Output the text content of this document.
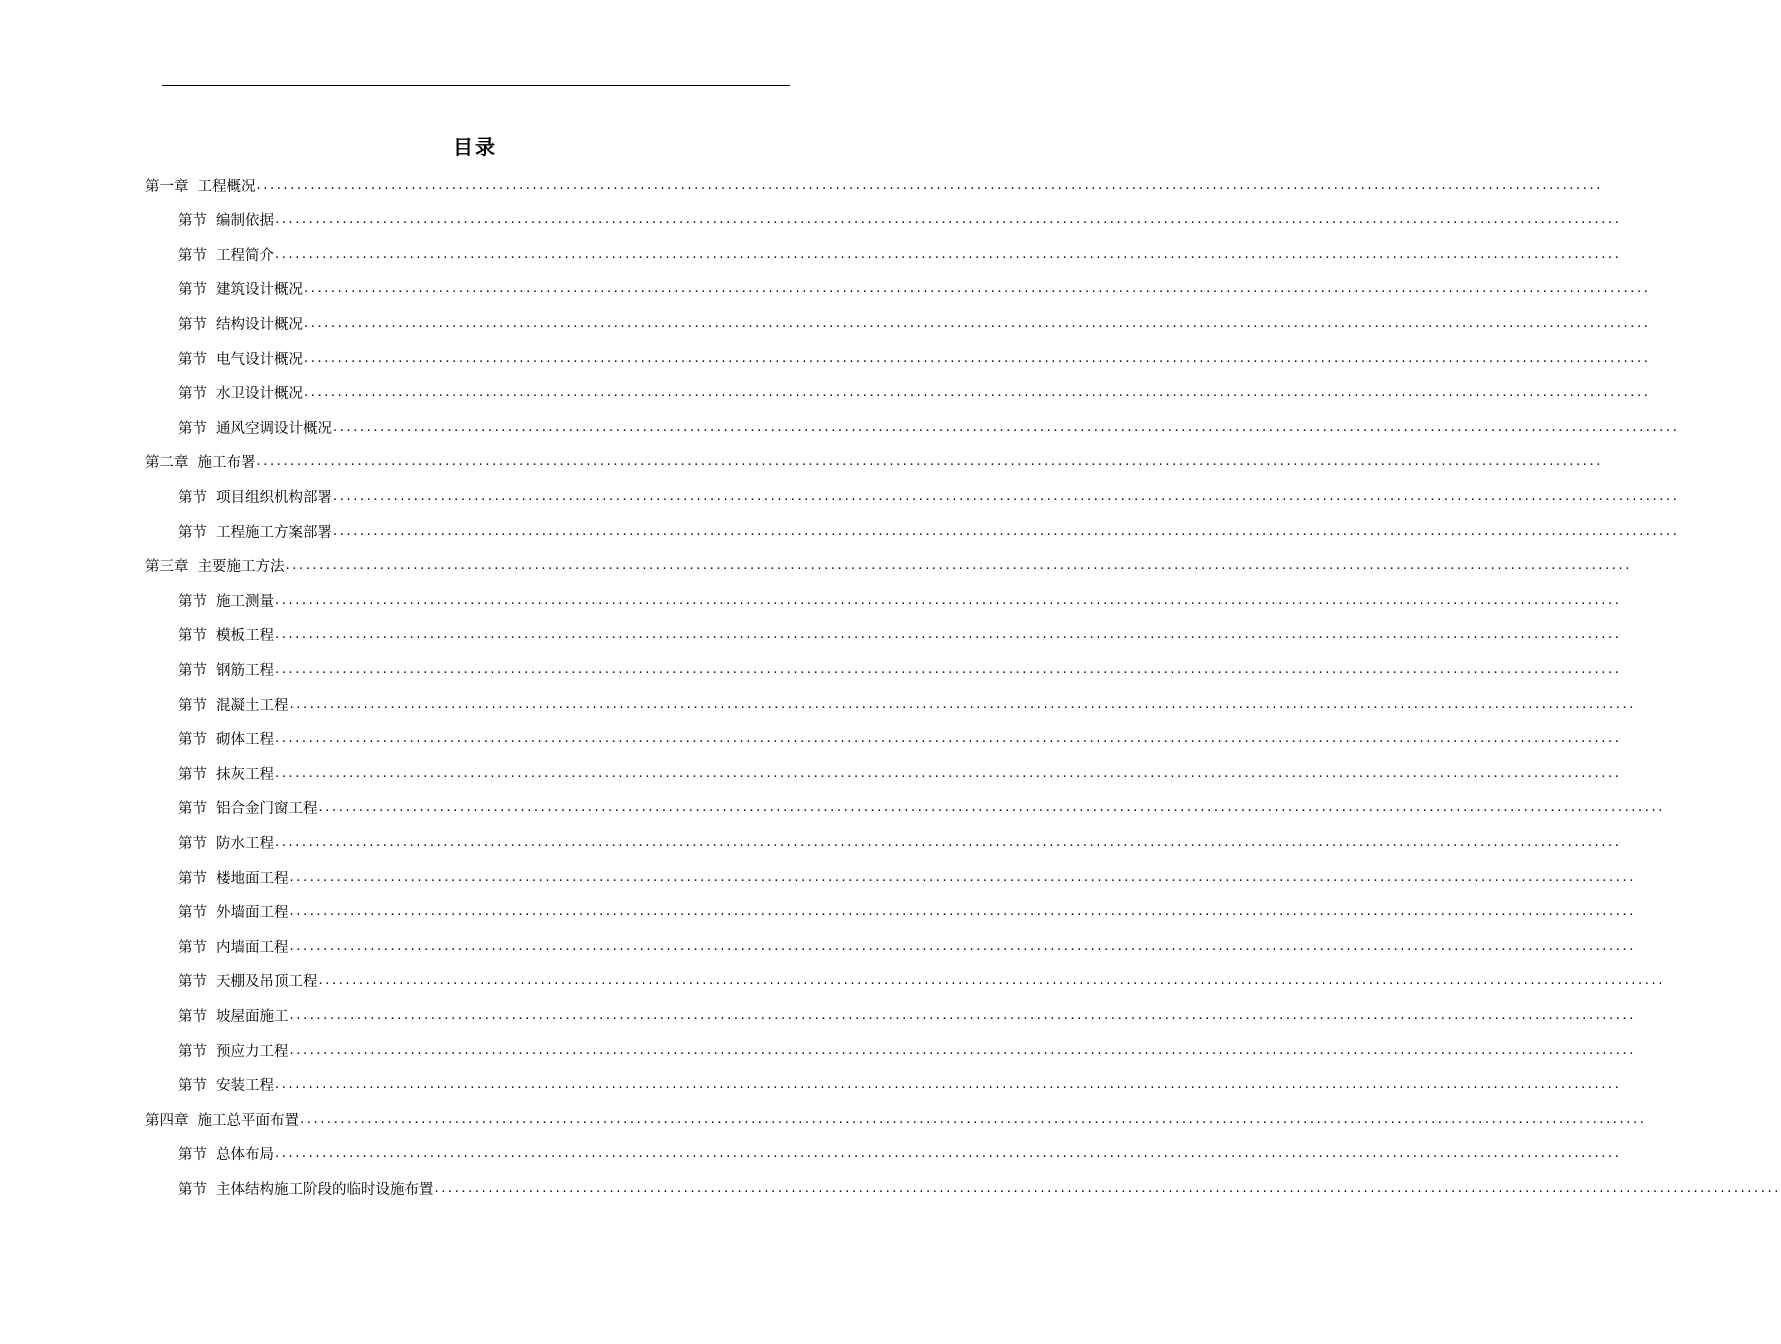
目录
第一章 工程概况 ........................................................................................................................................................................................................
第节 编制依据 ........................................................................................................................................................................................................
第节 工程简介 ........................................................................................................................................................................................................
第节 建筑设计概况 ........................................................................................................................................................................................................
第节 结构设计概况 ........................................................................................................................................................................................................
第节 电气设计概况 ........................................................................................................................................................................................................
第节 水卫设计概况 ........................................................................................................................................................................................................
第节 通风空调设计概况 ........................................................................................................................................................................................................
第二章 施工布署 ........................................................................................................................................................................................................
第节 项目组织机构部署 ........................................................................................................................................................................................................
第节 工程施工方案部署 ........................................................................................................................................................................................................
第三章 主要施工方法 ........................................................................................................................................................................................................
第节 施工测量 ........................................................................................................................................................................................................
第节 模板工程 ........................................................................................................................................................................................................
第节 钢筋工程 ........................................................................................................................................................................................................
第节 混凝土工程 ........................................................................................................................................................................................................
第节 砌体工程 ........................................................................................................................................................................................................
第节 抹灰工程 ........................................................................................................................................................................................................
第节 铝合金门窗工程 ........................................................................................................................................................................................................
第节 防水工程 ........................................................................................................................................................................................................
第节 楼地面工程 ........................................................................................................................................................................................................
第节 外墙面工程 ........................................................................................................................................................................................................
第节 内墙面工程 ........................................................................................................................................................................................................
第节 天棚及吊顶工程 ........................................................................................................................................................................................................
第节 坡屋面施工 ........................................................................................................................................................................................................
第节 预应力工程 ........................................................................................................................................................................................................
第节 安装工程 ........................................................................................................................................................................................................
第四章 施工总平面布置 ........................................................................................................................................................................................................
第节 总体布局 ........................................................................................................................................................................................................
第节 主体结构施工阶段的临时设施布置 ........................................................................................................................................................................................................
